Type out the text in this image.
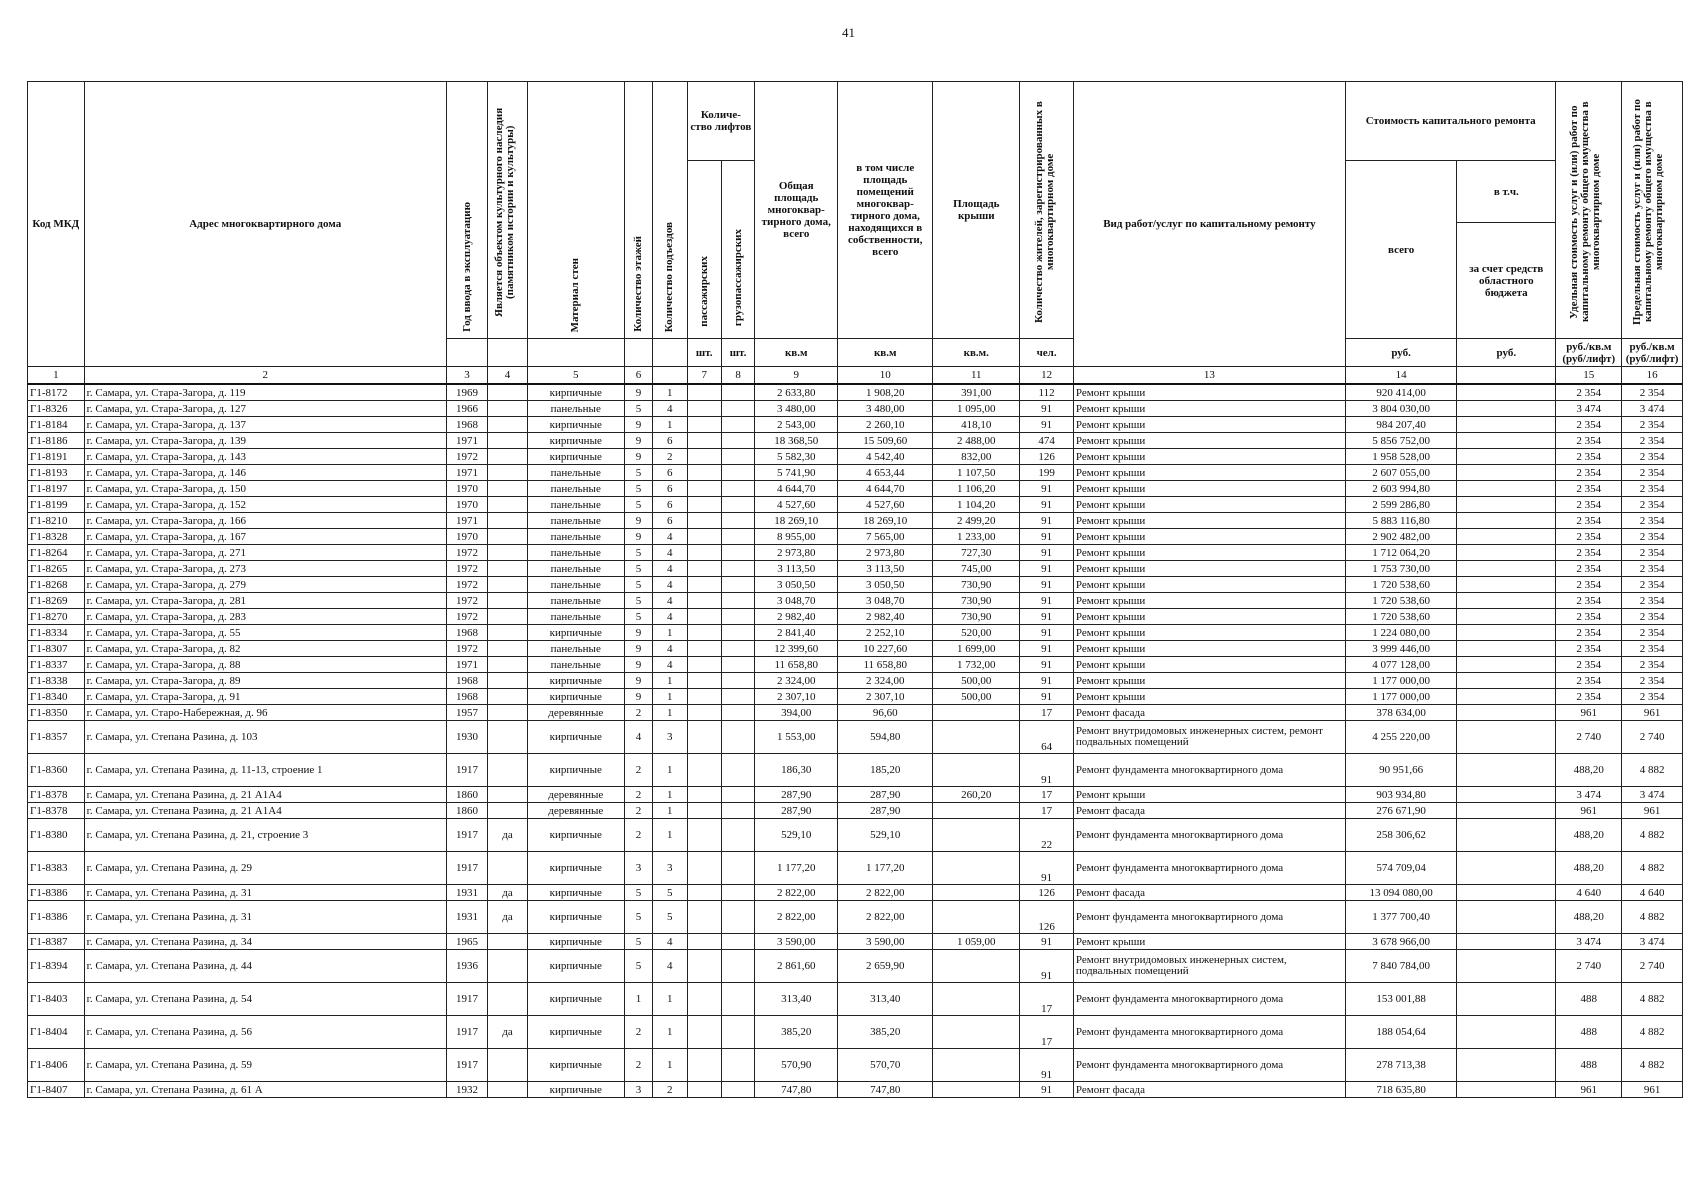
41
Код МКД	Адрес многоквартирного дома	Год ввода в эксплуатацию	Является объектом культурного наследия (памятником истории и культуры)	Материал стен	Количество этажей	Количество подъездов	Количе- ство лифтов		Общая площадь многоквар- тирного дома, всего	в том числе площадь помещений многоквар- тирного дома, находящихся в собственности, всего	Площадь крыши	Количество жителей, зарегистрированных в многоквартирном доме	Вид работ/услуг по капитальному ремонту	Стоимость капитального ремонта		Удельная стоимость услуг и (или) работ по капитальному ремонту общего имущества в многоквартирном доме	Предельная стоимость услуг и (или) работ по капитальному ремонту общего имущества в многоквартирном доме

							пассажирских	грузопассажирских						всего	в т.ч.		
															за счет средств областного бюджета		
							шт.	шт.	кв.м	кв.м	кв.м.	чел.		руб.	руб.	руб./кв.м (руб/лифт)	руб./кв.м (руб/лифт)
1	2	3	4	5	6		7	8	9	10	11	12	13	14		15	16
Г1-8172	г. Самара, ул. Стара-Загора, д. 119	1969		кирпичные	9	1			2 633,80	1 908,20	391,00	112	Ремонт крыши	920 414,00		2 354	2 354
Г1-8326	г. Самара, ул. Стара-Загора, д. 127	1966		панельные	5	4			3 480,00	3 480,00	1 095,00	91	Ремонт крыши	3 804 030,00		3 474	3 474
Г1-8184	г. Самара, ул. Стара-Загора, д. 137	1968		кирпичные	9	1			2 543,00	2 260,10	418,10	91	Ремонт крыши	984 207,40		2 354	2 354
Г1-8186	г. Самара, ул. Стара-Загора, д. 139	1971		кирпичные	9	6			18 368,50	15 509,60	2 488,00	474	Ремонт крыши	5 856 752,00		2 354	2 354
Г1-8191	г. Самара, ул. Стара-Загора, д. 143	1972		кирпичные	9	2			5 582,30	4 542,40	832,00	126	Ремонт крыши	1 958 528,00		2 354	2 354
Г1-8193	г. Самара, ул. Стара-Загора, д. 146	1971		панельные	5	6			5 741,90	4 653,44	1 107,50	199	Ремонт крыши	2 607 055,00		2 354	2 354
Г1-8197	г. Самара, ул. Стара-Загора, д. 150	1970		панельные	5	6			4 644,70	4 644,70	1 106,20	91	Ремонт крыши	2 603 994,80		2 354	2 354
Г1-8199	г. Самара, ул. Стара-Загора, д. 152	1970		панельные	5	6			4 527,60	4 527,60	1 104,20	91	Ремонт крыши	2 599 286,80		2 354	2 354
Г1-8210	г. Самара, ул. Стара-Загора, д. 166	1971		панельные	9	6			18 269,10	18 269,10	2 499,20	91	Ремонт крыши	5 883 116,80		2 354	2 354
Г1-8328	г. Самара, ул. Стара-Загора, д. 167	1970		панельные	9	4			8 955,00	7 565,00	1 233,00	91	Ремонт крыши	2 902 482,00		2 354	2 354
Г1-8264	г. Самара, ул. Стара-Загора, д. 271	1972		панельные	5	4			2 973,80	2 973,80	727,30	91	Ремонт крыши	1 712 064,20		2 354	2 354
Г1-8265	г. Самара, ул. Стара-Загора, д. 273	1972		панельные	5	4			3 113,50	3 113,50	745,00	91	Ремонт крыши	1 753 730,00		2 354	2 354
Г1-8268	г. Самара, ул. Стара-Загора, д. 279	1972		панельные	5	4			3 050,50	3 050,50	730,90	91	Ремонт крыши	1 720 538,60		2 354	2 354
Г1-8269	г. Самара, ул. Стара-Загора, д. 281	1972		панельные	5	4			3 048,70	3 048,70	730,90	91	Ремонт крыши	1 720 538,60		2 354	2 354
Г1-8270	г. Самара, ул. Стара-Загора, д. 283	1972		панельные	5	4			2 982,40	2 982,40	730,90	91	Ремонт крыши	1 720 538,60		2 354	2 354
Г1-8334	г. Самара, ул. Стара-Загора, д. 55	1968		кирпичные	9	1			2 841,40	2 252,10	520,00	91	Ремонт крыши	1 224 080,00		2 354	2 354
Г1-8307	г. Самара, ул. Стара-Загора, д. 82	1972		панельные	9	4			12 399,60	10 227,60	1 699,00	91	Ремонт крыши	3 999 446,00		2 354	2 354
Г1-8337	г. Самара, ул. Стара-Загора, д. 88	1971		панельные	9	4			11 658,80	11 658,80	1 732,00	91	Ремонт крыши	4 077 128,00		2 354	2 354
Г1-8338	г. Самара, ул. Стара-Загора, д. 89	1968		кирпичные	9	1			2 324,00	2 324,00	500,00	91	Ремонт крыши	1 177 000,00		2 354	2 354
Г1-8340	г. Самара, ул. Стара-Загора, д. 91	1968		кирпичные	9	1			2 307,10	2 307,10	500,00	91	Ремонт крыши	1 177 000,00		2 354	2 354
Г1-8350	г. Самара, ул. Старо-Набережная, д. 96	1957		деревянные	2	1			394,00	96,60		17	Ремонт фасада	378 634,00		961	961
Г1-8357	г. Самара, ул. Степана Разина, д. 103	1930		кирпичные	4	3			1 553,00	594,80		64	Ремонт внутридомовых инженерных систем, ремонт подвальных помещений	4 255 220,00		2 740	2 740
Г1-8360	г. Самара, ул. Степана Разина, д. 11-13, строение 1	1917		кирпичные	2	1			186,30	185,20		91	Ремонт фундамента многоквартирного дома	90 951,66		488,20	4 882
Г1-8378	г. Самара, ул. Степана Разина, д. 21 А1А4	1860		деревянные	2	1			287,90	287,90	260,20	17	Ремонт крыши	903 934,80		3 474	3 474
Г1-8378	г. Самара, ул. Степана Разина, д. 21 А1А4	1860		деревянные	2	1			287,90	287,90		17	Ремонт фасада	276 671,90		961	961
Г1-8380	г. Самара, ул. Степана Разина, д. 21, строение 3	1917	да	кирпичные	2	1			529,10	529,10		22	Ремонт фундамента многоквартирного дома	258 306,62		488,20	4 882
Г1-8383	г. Самара, ул. Степана Разина, д. 29	1917		кирпичные	3	3			1 177,20	1 177,20		91	Ремонт фундамента многоквартирного дома	574 709,04		488,20	4 882
Г1-8386	г. Самара, ул. Степана Разина, д. 31	1931	да	кирпичные	5	5			2 822,00	2 822,00		126	Ремонт фасада	13 094 080,00		4 640	4 640
Г1-8386	г. Самара, ул. Степана Разина, д. 31	1931	да	кирпичные	5	5			2 822,00	2 822,00		126	Ремонт фундамента многоквартирного дома	1 377 700,40		488,20	4 882
Г1-8387	г. Самара, ул. Степана Разина, д. 34	1965		кирпичные	5	4			3 590,00	3 590,00	1 059,00	91	Ремонт крыши	3 678 966,00		3 474	3 474
Г1-8394	г. Самара, ул. Степана Разина, д. 44	1936		кирпичные	5	4			2 861,60	2 659,90		91	Ремонт внутридомовых инженерных систем, подвальных помещений	7 840 784,00		2 740	2 740
Г1-8403	г. Самара, ул. Степана Разина, д. 54	1917		кирпичные	1	1			313,40	313,40		17	Ремонт фундамента многоквартирного дома	153 001,88		488	4 882
Г1-8404	г. Самара, ул. Степана Разина, д. 56	1917	да	кирпичные	2	1			385,20	385,20		17	Ремонт фундамента многоквартирного дома	188 054,64		488	4 882
Г1-8406	г. Самара, ул. Степана Разина, д. 59	1917		кирпичные	2	1			570,90	570,70		91	Ремонт фундамента многоквартирного дома	278 713,38		488	4 882
Г1-8407	г. Самара, ул. Степана Разина, д. 61 А	1932		кирпичные	3	2			747,80	747,80		91	Ремонт фасада	718 635,80		961	961
